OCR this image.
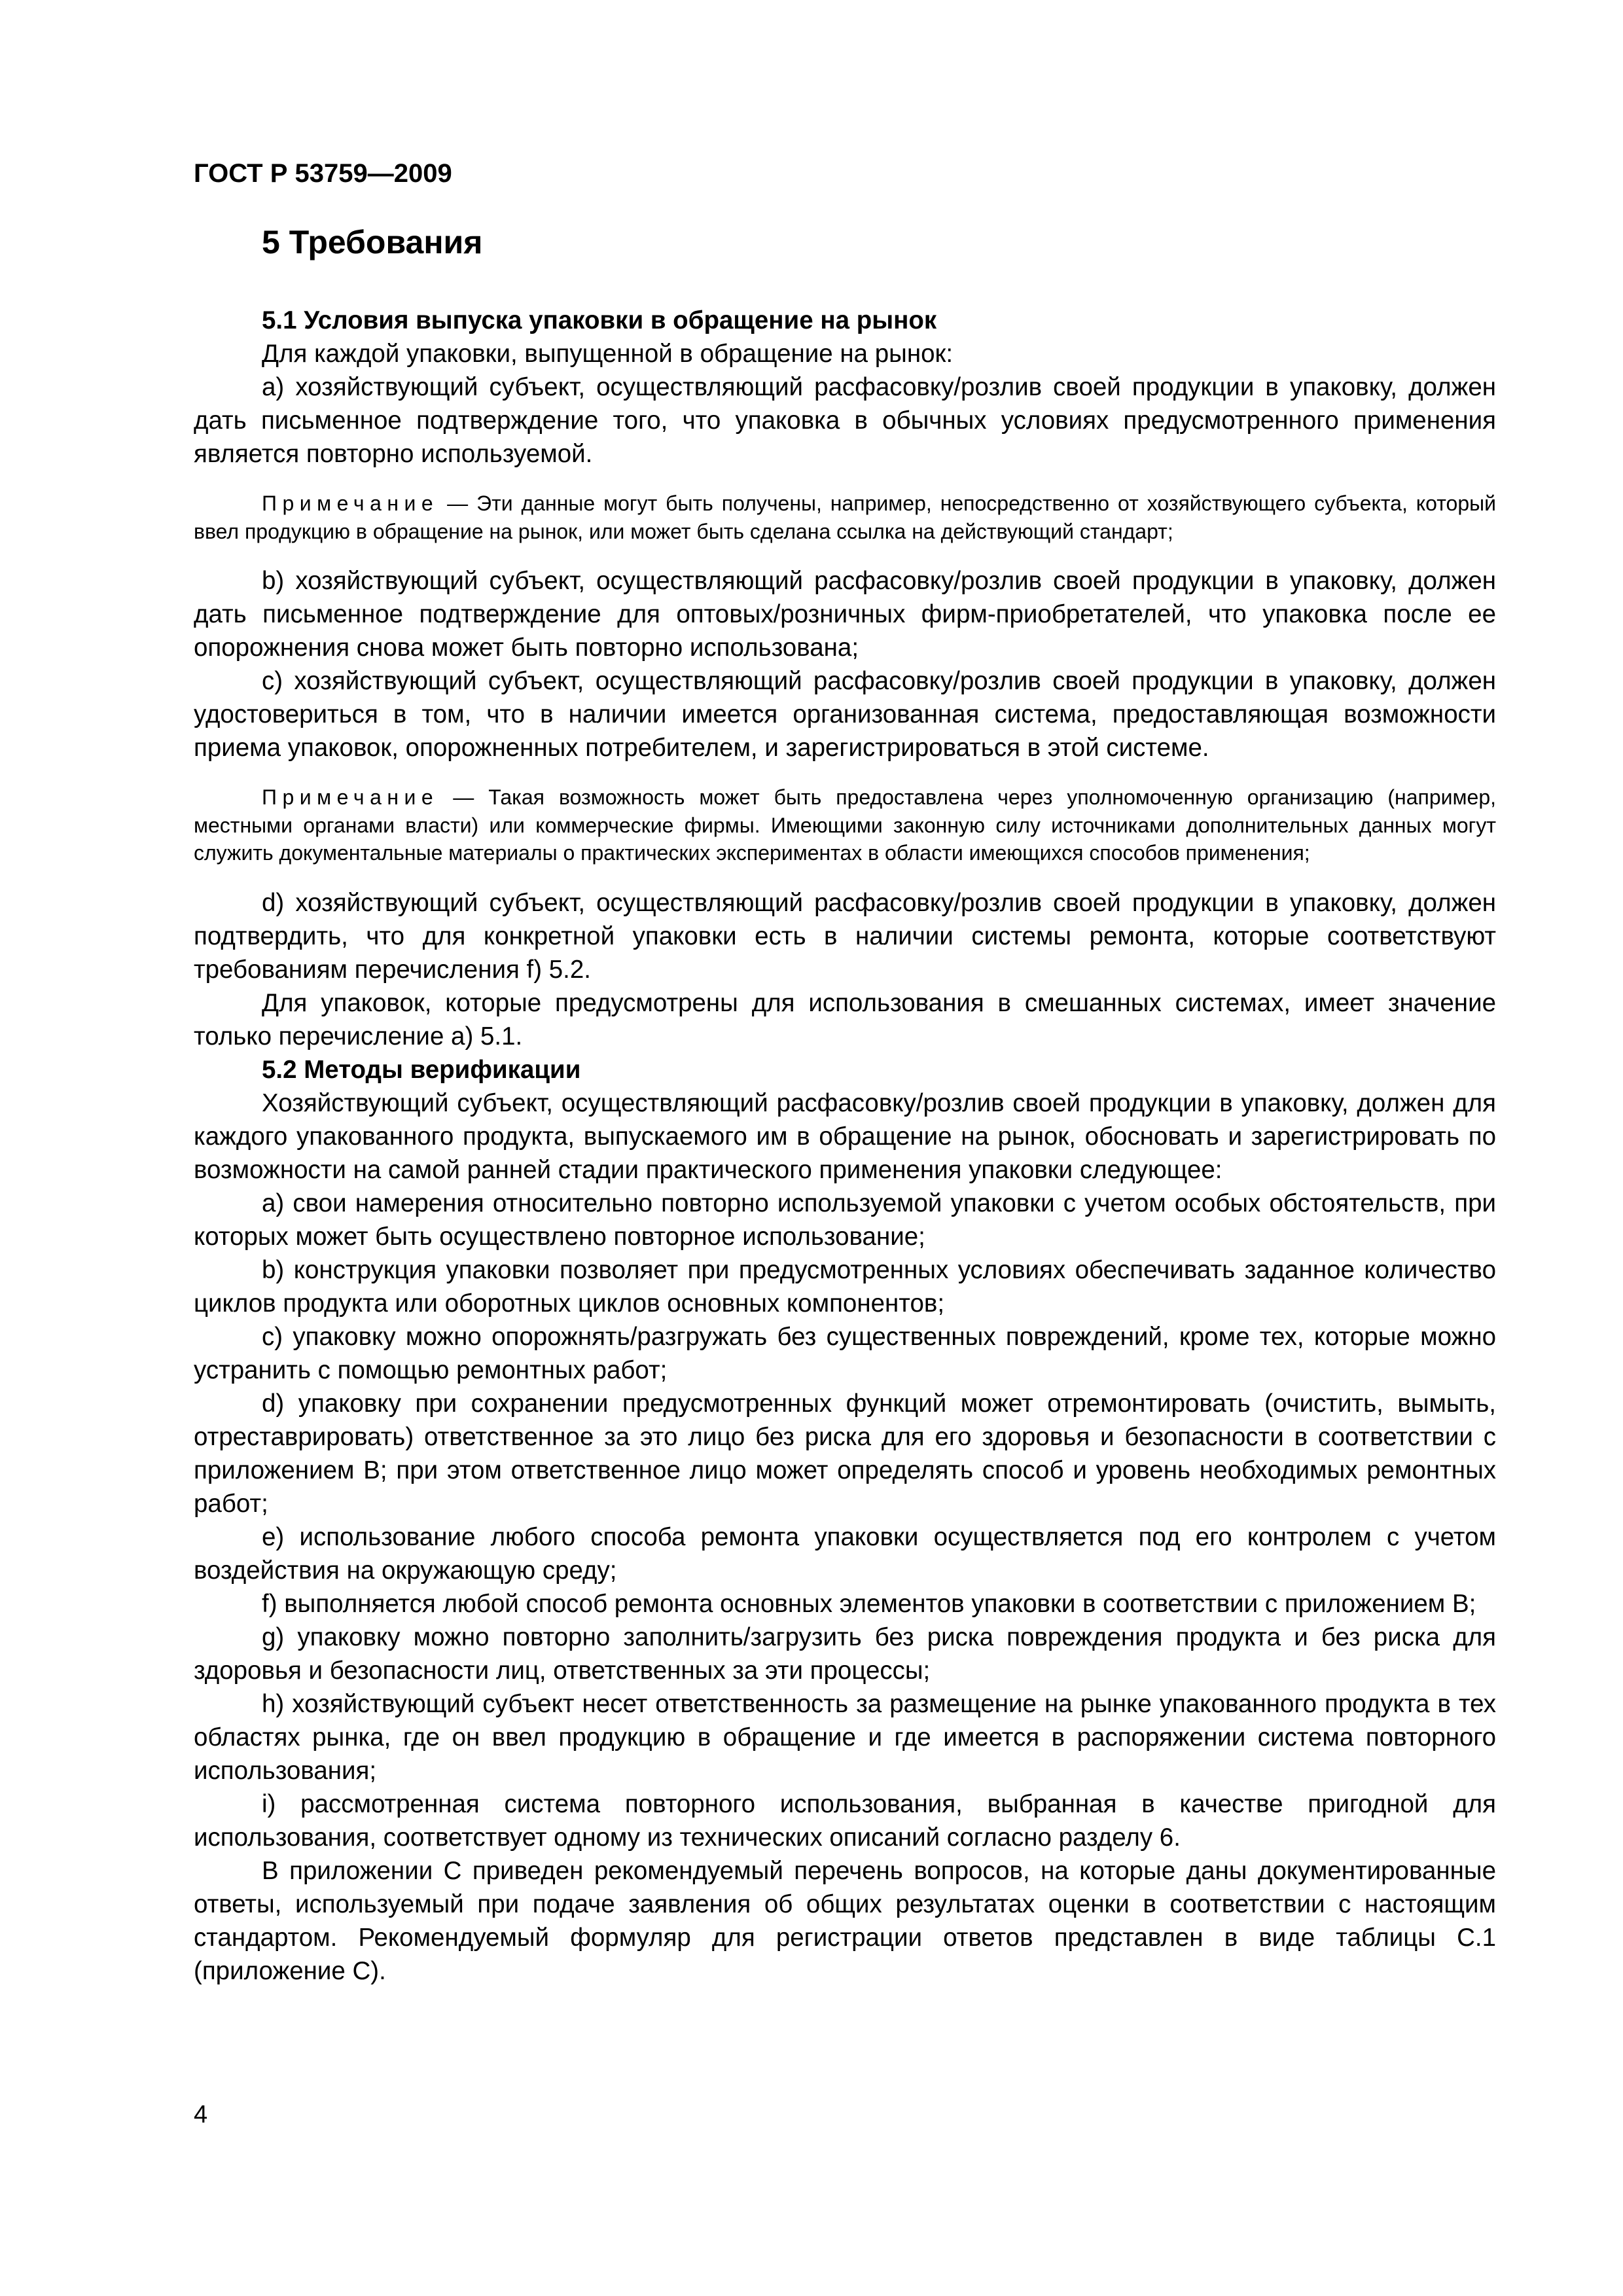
ГОСТ Р 53759—2009
5 Требования
5.1 Условия выпуска упаковки в обращение на рынок

Для каждой упаковки, выпущенной в обращение на рынок:

а) хозяйствующий субъект, осуществляющий расфасовку/розлив своей продукции в упаковку, должен дать письменное подтверждение того, что упаковка в обычных условиях предусмотренного применения является повторно используемой.

Примечание — Эти данные могут быть получены, например, непосредственно от хозяйствующего субъекта, который ввел продукцию в обращение на рынок, или может быть сделана ссылка на действующий стандарт;

b) хозяйствующий субъект, осуществляющий расфасовку/розлив своей продукции в упаковку, должен дать письменное подтверждение для оптовых/розничных фирм-приобретателей, что упаковка после ее опорожнения снова может быть повторно использована;

с) хозяйствующий субъект, осуществляющий расфасовку/розлив своей продукции в упаковку, должен удостовериться в том, что в наличии имеется организованная система, предоставляющая возможности приема упаковок, опорожненных потребителем, и зарегистрироваться в этой системе.

Примечание — Такая возможность может быть предоставлена через уполномоченную организацию (например, местными органами власти) или коммерческие фирмы. Имеющими законную силу источниками дополнительных данных могут служить документальные материалы о практических экспериментах в области имеющихся способов применения;

d) хозяйствующий субъект, осуществляющий расфасовку/розлив своей продукции в упаковку, должен подтвердить, что для конкретной упаковки есть в наличии системы ремонта, которые соответствуют требованиям перечисления f) 5.2.

Для упаковок, которые предусмотрены для использования в смешанных системах, имеет значение только перечисление а) 5.1.

5.2 Методы верификации

Хозяйствующий субъект, осуществляющий расфасовку/розлив своей продукции в упаковку, должен для каждого упакованного продукта, выпускаемого им в обращение на рынок, обосновать и зарегистрировать по возможности на самой ранней стадии практического применения упаковки следующее:

а) свои намерения относительно повторно используемой упаковки с учетом особых обстоятельств, при которых может быть осуществлено повторное использование;

b) конструкция упаковки позволяет при предусмотренных условиях обеспечивать заданное количество циклов продукта или оборотных циклов основных компонентов;

с) упаковку можно опорожнять/разгружать без существенных повреждений, кроме тех, которые можно устранить с помощью ремонтных работ;

d) упаковку при сохранении предусмотренных функций может отремонтировать (очистить, вымыть, отреставрировать) ответственное за это лицо без риска для его здоровья и безопасности в соответствии с приложением В; при этом ответственное лицо может определять способ и уровень необходимых ремонтных работ;

е) использование любого способа ремонта упаковки осуществляется под его контролем с учетом воздействия на окружающую среду;

f) выполняется любой способ ремонта основных элементов упаковки в соответствии с приложением В;

g) упаковку можно повторно заполнить/загрузить без риска повреждения продукта и без риска для здоровья и безопасности лиц, ответственных за эти процессы;

h) хозяйствующий субъект несет ответственность за размещение на рынке упакованного продукта в тех областях рынка, где он ввел продукцию в обращение и где имеется в распоряжении система повторного использования;

i) рассмотренная система повторного использования, выбранная в качестве пригодной для использования, соответствует одному из технических описаний согласно разделу 6.

В приложении С приведен рекомендуемый перечень вопросов, на которые даны документированные ответы, используемый при подаче заявления об общих результатах оценки в соответствии с настоящим стандартом. Рекомендуемый формуляр для регистрации ответов представлен в виде таблицы С.1 (приложение С).

4
